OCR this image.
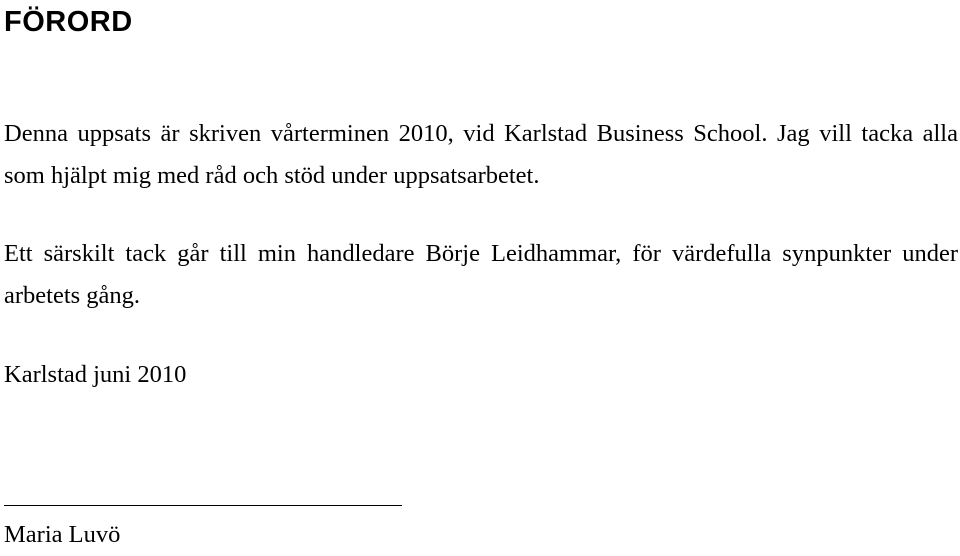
FÖRORD

Denna uppsats är skriven vårterminen 2010, vid Karlstad Business School. Jag vill tacka alla som hjälpt mig med råd och stöd under uppsatsarbetet.

Ett särskilt tack går till min handledare Börje Leidhammar, för värdefulla synpunkter under arbetets gång.

Karlstad juni 2010

Maria Luvö
